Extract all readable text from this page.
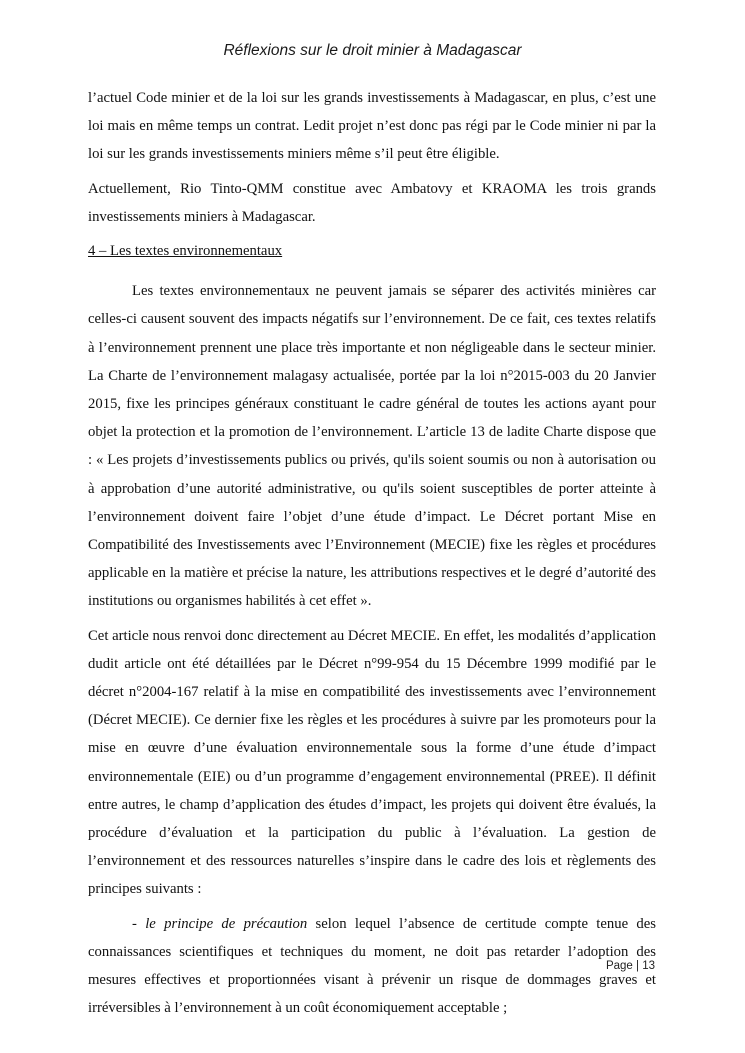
Réflexions sur le droit minier à Madagascar

l’actuel Code minier et de la loi sur les grands investissements à Madagascar, en plus, c’est une loi mais en même temps un contrat. Ledit projet n’est donc pas régi par le Code minier ni par la loi sur les grands investissements miniers même s’il peut être éligible.

Actuellement, Rio Tinto-QMM constitue avec Ambatovy et KRAOMA les trois grands investissements miniers à Madagascar.

4 – Les textes environnementaux

Les textes environnementaux ne peuvent jamais se séparer des activités minières car celles-ci causent souvent des impacts négatifs sur l’environnement. De ce fait, ces textes relatifs à l’environnement prennent une place très importante et non négligeable dans le secteur minier. La Charte de l’environnement malagasy actualisée, portée par la loi n°2015-003 du 20 Janvier 2015, fixe les principes généraux constituant le cadre général de toutes les actions ayant pour objet la protection et la promotion de l’environnement. L’article 13 de ladite Charte dispose que : « Les projets d’investissements publics ou privés, qu'ils soient soumis ou non à autorisation ou à approbation d’une autorité administrative, ou qu'ils soient susceptibles de porter atteinte à l’environnement doivent faire l’objet d’une étude d’impact. Le Décret portant Mise en Compatibilité des Investissements avec l’Environnement (MECIE) fixe les règles et procédures applicable en la matière et précise la nature, les attributions respectives et le degré d’autorité des institutions ou organismes habilités à cet effet ».

Cet article nous renvoi donc directement au Décret MECIE. En effet, les modalités d’application dudit article ont été détaillées par le Décret n°99-954 du 15 Décembre 1999 modifié par le décret n°2004-167 relatif à la mise en compatibilité des investissements avec l’environnement (Décret MECIE). Ce dernier fixe les règles et les procédures à suivre par les promoteurs pour la mise en œuvre d’une évaluation environnementale sous la forme d’une étude d’impact environnementale (EIE) ou d’un programme d’engagement environnemental (PREE). Il définit entre autres, le champ d’application des études d’impact, les projets qui doivent être évalués, la procédure d’évaluation et la participation du public à l’évaluation. La gestion de l’environnement et des ressources naturelles s’inspire dans le cadre des lois et règlements des principes suivants :

- le principe de précaution selon lequel l’absence de certitude compte tenue des connaissances scientifiques et techniques du moment, ne doit pas retarder l’adoption des mesures effectives et proportionnées visant à prévenir un risque de dommages graves et irréversibles à l’environnement à un coût économiquement acceptable ;

Page | 13
